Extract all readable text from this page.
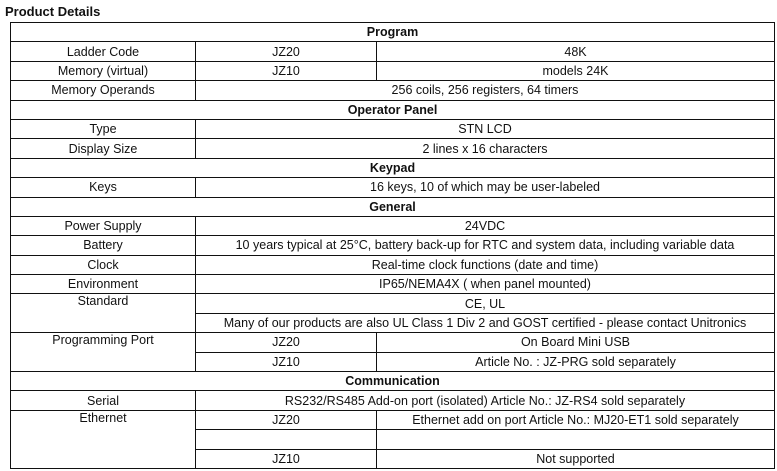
Product Details
Program		
Ladder Code	JZ20	48K
Memory (virtual)	JZ10	models 24K
Memory Operands	256 coils, 256 registers, 64 timers	
Operator Panel		
Type	STN LCD	
Display Size	2 lines x 16 characters	
Keypad		
Keys	16 keys, 10 of which may be user-labeled	
General		
Power Supply	24VDC	
Battery	10 years typical at 25°C, battery back-up for RTC and system data, including variable data	
Clock	Real-time clock functions (date and time)	
Environment	IP65/NEMA4X ( when panel mounted)	
Standard	CE, UL	
	Many of our products are also UL Class 1 Div 2 and GOST certified - please contact Unitronics	
Programming Port	JZ20	On Board Mini USB
	JZ10	Article No. : JZ-PRG sold separately
Communication		
Serial	RS232/RS485 Add-on port (isolated) Article No.: JZ-RS4 sold separately	
Ethernet	JZ20	Ethernet add on port Article No.: MJ20-ET1 sold separately

	JZ10	Not supported
